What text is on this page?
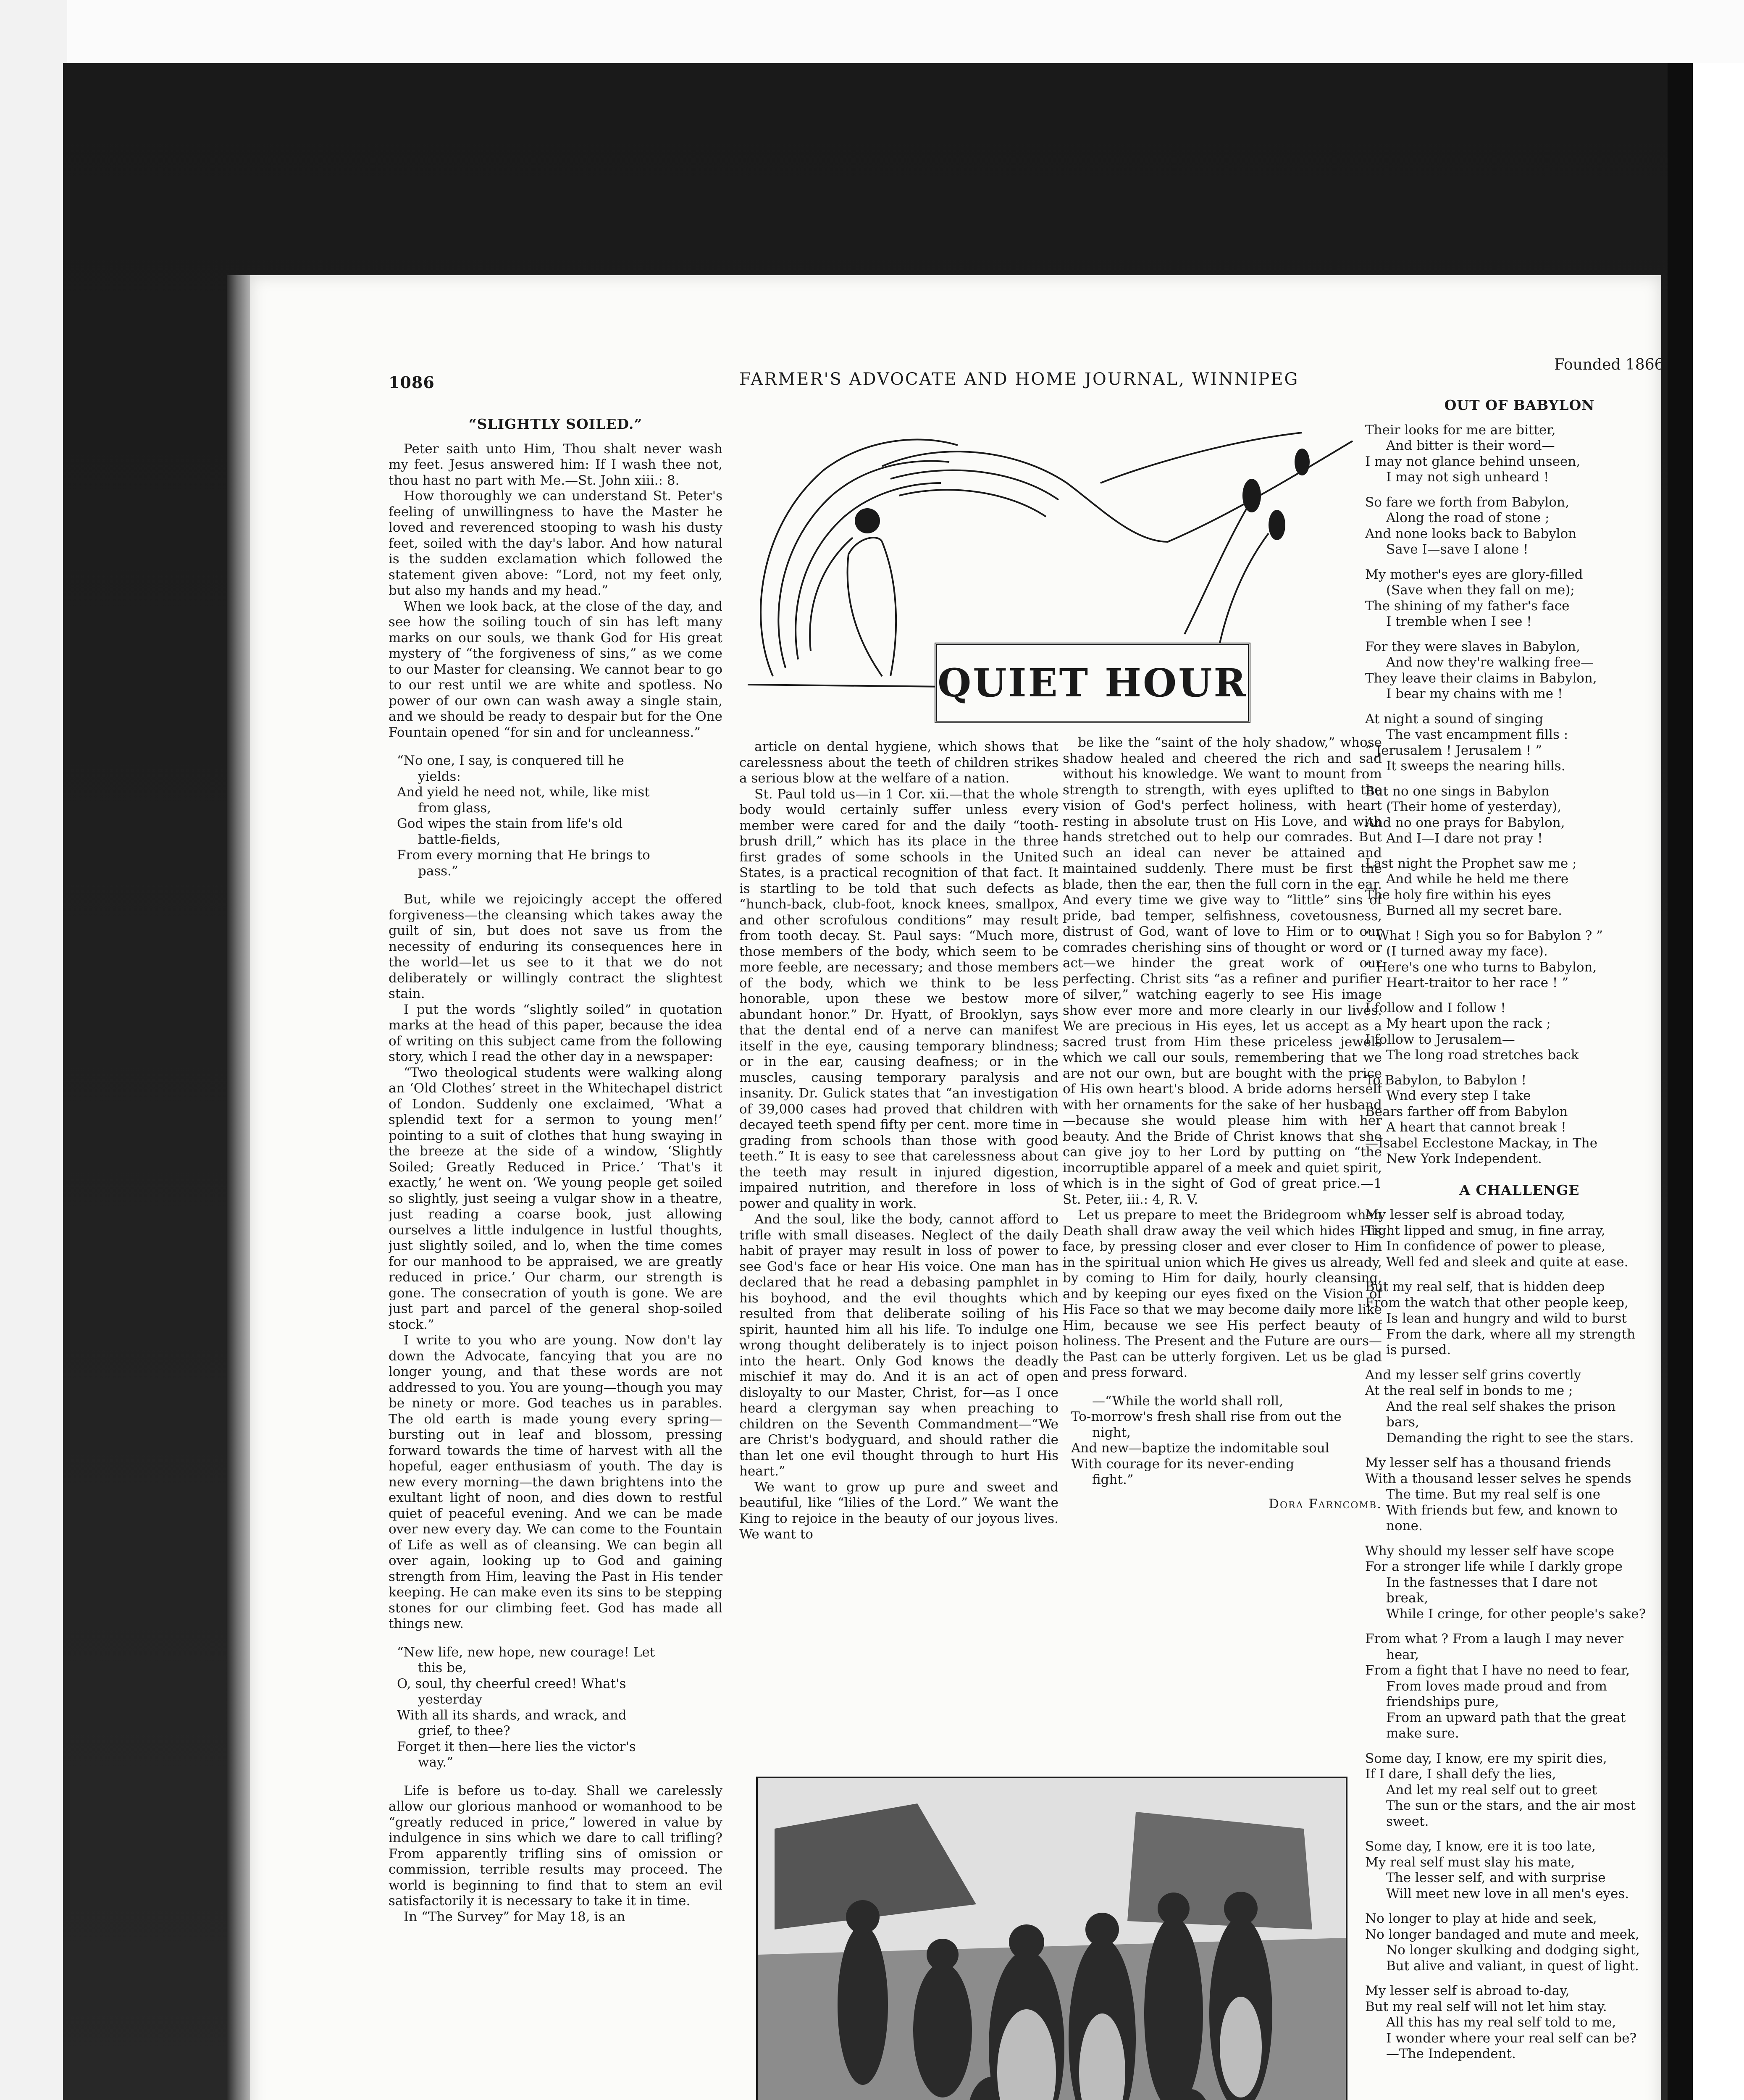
1086	FARMER'S ADVOCATE AND HOME JOURNAL, WINNIPEG
Founded 1866
QUIET HOUR

“SLIGHTLY SOILED.”

Peter saith unto Him, Thou shalt never wash my feet. Jesus answered him: If I wash thee not, thou hast no part with Me.—St. John xiii.: 8.

How thoroughly we can understand St. Peter's feeling of unwillingness to have the Master he loved and reverenced stooping to wash his dusty feet, soiled with the day's labor. And how natural is the sudden exclamation which followed the statement given above: “Lord, not my feet only, but also my hands and my head.”

When we look back, at the close of the day, and see how the soiling touch of sin has left many marks on our souls, we thank God for His great mystery of “the forgiveness of sins,” as we come to our Master for cleansing. We cannot bear to go to our rest until we are white and spotless. No power of our own can wash away a single stain, and we should be ready to despair but for the One Fountain opened “for sin and for uncleanness.”

“No one, I say, is conquered till he
yields:
And yield he need not, while, like mist
from glass,
God wipes the stain from life's old
battle-fields,
From every morning that He brings to
pass.”

But, while we rejoicingly accept the offered forgiveness—the cleansing which takes away the guilt of sin, but does not save us from the necessity of enduring its consequences here in the world—let us see to it that we do not deliberately or willingly contract the slightest stain.

I put the words “slightly soiled” in quotation marks at the head of this paper, because the idea of writing on this subject came from the following story, which I read the other day in a newspaper:

“Two theological students were walking along an ‘Old Clothes’ street in the Whitechapel district of London. Suddenly one exclaimed, ‘What a splendid text for a sermon to young men!’ pointing to a suit of clothes that hung swaying in the breeze at the side of a window, ‘Slightly Soiled; Greatly Reduced in Price.’ ‘That's it exactly,’ he went on. ‘We young people get soiled so slightly, just seeing a vulgar show in a theatre, just reading a coarse book, just allowing ourselves a little indulgence in lustful thoughts, just slightly soiled, and lo, when the time comes for our manhood to be appraised, we are greatly reduced in price.’ Our charm, our strength is gone. The consecration of youth is gone. We are just part and parcel of the general shop-soiled stock.”

I write to you who are young. Now don't lay down the Advocate, fancying that you are no longer young, and that these words are not addressed to you. You are young—though you may be ninety or more. God teaches us in parables. The old earth is made young every spring—bursting out in leaf and blossom, pressing forward towards the time of harvest with all the hopeful, eager enthusiasm of youth. The day is new every morning—the dawn brightens into the exultant light of noon, and dies down to restful quiet of peaceful evening. And we can be made over new every day. We can come to the Fountain of Life as well as of cleansing. We can begin all over again, looking up to God and gaining strength from Him, leaving the Past in His tender keeping. He can make even its sins to be stepping stones for our climbing feet. God has made all things new.

“New life, new hope, new courage! Let
this be,
O, soul, thy cheerful creed! What's
yesterday
With all its shards, and wrack, and
grief, to thee?
Forget it then—here lies the victor's
way.”

Life is before us to-day. Shall we carelessly allow our glorious manhood or womanhood to be “greatly reduced in price,” lowered in value by indulgence in sins which we dare to call trifling? From apparently trifling sins of omission or commission, terrible results may proceed. The world is beginning to find that to stem an evil satisfactorily it is necessary to take it in time.

In “The Survey” for May 18, is an

article on dental hygiene, which shows that carelessness about the teeth of children strikes a serious blow at the welfare of a nation.

St. Paul told us—in 1 Cor. xii.—that the whole body would certainly suffer unless every member were cared for and the daily “tooth-brush drill,” which has its place in the three first grades of some schools in the United States, is a practical recognition of that fact. It is startling to be told that such defects as “hunch-back, club-foot, knock knees, smallpox, and other scrofulous conditions” may result from tooth decay. St. Paul says: “Much more, those members of the body, which seem to be more feeble, are necessary; and those members of the body, which we think to be less honorable, upon these we bestow more abundant honor.” Dr. Hyatt, of Brooklyn, says that the dental end of a nerve can manifest itself in the eye, causing temporary blindness; or in the ear, causing deafness; or in the muscles, causing temporary paralysis and insanity. Dr. Gulick states that “an investigation of 39,000 cases had proved that children with decayed teeth spend fifty per cent. more time in grading from schools than those with good teeth.” It is easy to see that carelessness about the teeth may result in injured digestion, impaired nutrition, and therefore in loss of power and quality in work.

And the soul, like the body, cannot afford to trifle with small diseases. Neglect of the daily habit of prayer may result in loss of power to see God's face or hear His voice. One man has declared that he read a debasing pamphlet in his boyhood, and the evil thoughts which resulted from that deliberate soiling of his spirit, haunted him all his life. To indulge one wrong thought deliberately is to inject poison into the heart. Only God knows the deadly mischief it may do. And it is an act of open disloyalty to our Master, Christ, for—as I once heard a clergyman say when preaching to children on the Seventh Commandment—“We are Christ's bodyguard, and should rather die than let one evil thought through to hurt His heart.”

We want to grow up pure and sweet and beautiful, like “lilies of the Lord.” We want the King to rejoice in the beauty of our joyous lives. We want to

be like the “saint of the holy shadow,” whose shadow healed and cheered the rich and sad without his knowledge. We want to mount from strength to strength, with eyes uplifted to the vision of God's perfect holiness, with heart resting in absolute trust on His Love, and with hands stretched out to help our comrades. But such an ideal can never be attained and maintained suddenly. There must be first the blade, then the ear, then the full corn in the ear. And every time we give way to “little” sins of pride, bad temper, selfishness, covetousness, distrust of God, want of love to Him or to our comrades cherishing sins of thought or word or act—we hinder the great work of our perfecting. Christ sits “as a refiner and purifier of silver,” watching eagerly to see His image show ever more and more clearly in our lives. We are precious in His eyes, let us accept as a sacred trust from Him these priceless jewels which we call our souls, remembering that we are not our own, but are bought with the price of His own heart's blood. A bride adorns herself with her ornaments for the sake of her husband—because she would please him with her beauty. And the Bride of Christ knows that she can give joy to her Lord by putting on “the incorruptible apparel of a meek and quiet spirit, which is in the sight of God of great price.—1 St. Peter, iii.: 4, R. V.

Let us prepare to meet the Bridegroom when Death shall draw away the veil which hides His face, by pressing closer and ever closer to Him in the spiritual union which He gives us already, by coming to Him for daily, hourly cleansing, and by keeping our eyes fixed on the Vision of His Face so that we may become daily more like Him, because we see His perfect beauty of holiness. The Present and the Future are ours—the Past can be utterly forgiven. Let us be glad and press forward.

—“While the world shall roll,
To-morrow's fresh shall rise from out the
night,
And new—baptize the indomitable soul
With courage for its never-ending
fight.”

Dora Farncomb.

OUT OF BABYLON

Their looks for me are bitter,
And bitter is their word—
I may not glance behind unseen,
I may not sigh unheard !
So fare we forth from Babylon,
Along the road of stone ;
And none looks back to Babylon
Save I—save I alone !
My mother's eyes are glory-filled
(Save when they fall on me);
The shining of my father's face
I tremble when I see !
For they were slaves in Babylon,
And now they're walking free—
They leave their claims in Babylon,
I bear my chains with me !
At night a sound of singing
The vast encampment fills :
“ Jerusalem ! Jerusalem ! ”
It sweeps the nearing hills.
But no one sings in Babylon
(Their home of yesterday),
And no one prays for Babylon,
And I—I dare not pray !
Last night the Prophet saw me ;
And while he held me there
The holy fire within his eyes
Burned all my secret bare.
“ What ! Sigh you so for Babylon ? ”
(I turned away my face).
“ Here's one who turns to Babylon,
Heart-traitor to her race ! ”
I follow and I follow !
My heart upon the rack ;
I follow to Jerusalem—
The long road stretches back
To Babylon, to Babylon !
Wnd every step I take
Bears farther off from Babylon
A heart that cannot break !
—Isabel Ecclestone Mackay, in The
New York Independent.

A CHALLENGE

My lesser self is abroad today,
Tight lipped and smug, in fine array,
In confidence of power to please,
Well fed and sleek and quite at ease.
But my real self, that is hidden deep
From the watch that other people keep,
Is lean and hungry and wild to burst
From the dark, where all my strength
is pursed.
And my lesser self grins covertly
At the real self in bonds to me ;
And the real self shakes the prison
bars,
Demanding the right to see the stars.
My lesser self has a thousand friends
With a thousand lesser selves he spends
The time. But my real self is one
With friends but few, and known to
none.
Why should my lesser self have scope
For a stronger life while I darkly grope
In the fastnesses that I dare not
break,
While I cringe, for other people's sake?
From what ? From a laugh I may never
hear,
From a fight that I have no need to fear,
From loves made proud and from
friendships pure,
From an upward path that the great
make sure.
Some day, I know, ere my spirit dies,
If I dare, I shall defy the lies,
And let my real self out to greet
The sun or the stars, and the air most
sweet.
Some day, I know, ere it is too late,
My real self must slay his mate,
The lesser self, and with surprise
Will meet new love in all men's eyes.
No longer to play at hide and seek,
No longer bandaged and mute and meek,
No longer skulking and dodging sight,
But alive and valiant, in quest of light.
My lesser self is abroad to-day,
But my real self will not let him stay.
All this has my real self told to me,
I wonder where your real self can be?
—The Independent.
